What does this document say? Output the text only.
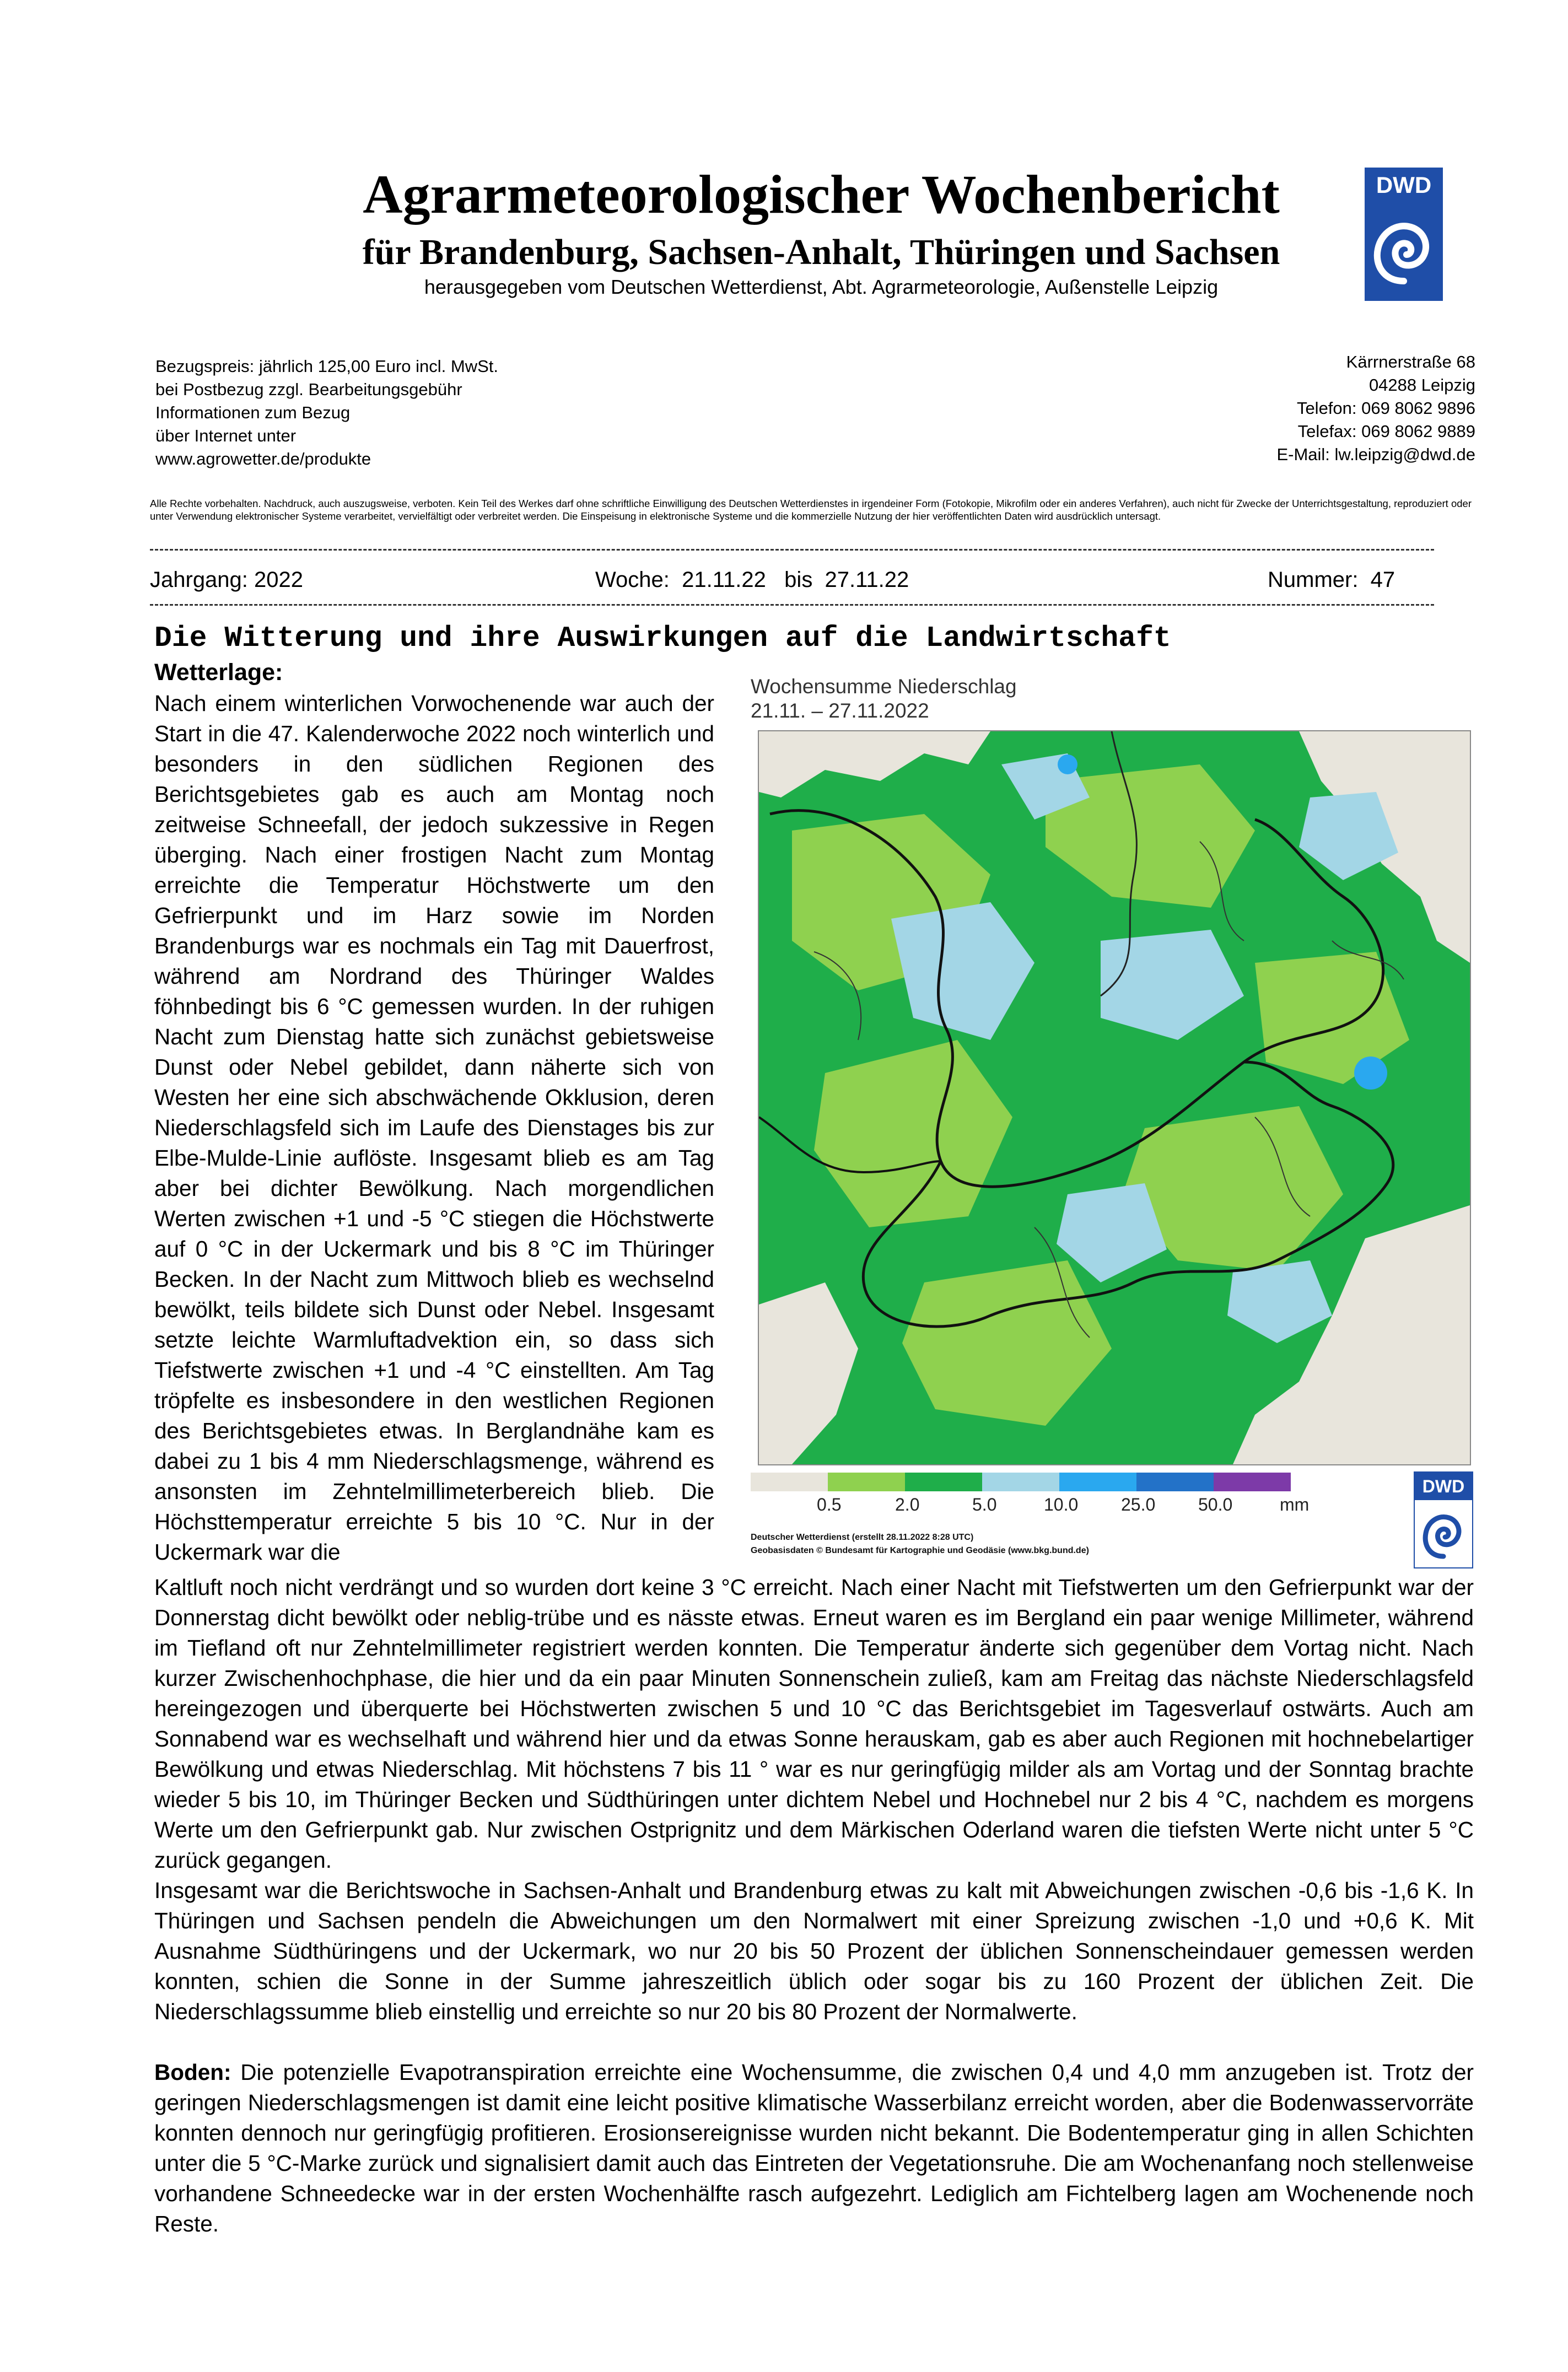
Agrarmeteorologischer Wochenbericht
für Brandenburg, Sachsen-Anhalt, Thüringen und Sachsen
herausgegeben vom Deutschen Wetterdienst, Abt. Agrarmeteorologie, Außenstelle Leipzig
DWD
Bezugspreis: jährlich 125,00 Euro incl. MwSt.
bei Postbezug zzgl. Bearbeitungsgebühr
Informationen zum Bezug
über Internet unter
www.agrowetter.de/produkte
Kärrnerstraße 68
04288 Leipzig
Telefon: 069 8062 9896
Telefax: 069 8062 9889
E-Mail: lw.leipzig@dwd.de
Alle Rechte vorbehalten. Nachdruck, auch auszugsweise, verboten. Kein Teil des Werkes darf ohne schriftliche Einwilligung des Deutschen Wetterdienstes in irgendeiner Form (Fotokopie, Mikrofilm oder ein anderes Verfahren), auch nicht für Zwecke der Unterrichtsgestaltung, reproduziert oder unter Verwendung elektronischer Systeme verarbeitet, vervielfältigt oder verbreitet werden. Die Einspeisung in elektronische Systeme und die kommerzielle Nutzung der hier veröffentlichten Daten wird ausdrücklich untersagt.
Jahrgang: 2022	Woche:  21.11.22   bis  27.11.22	Nummer:  47
Die Witterung und ihre Auswirkungen auf die Landwirtschaft
Wetterlage:
Nach einem winterlichen Vorwochenende war auch der Start in die 47. Kalenderwoche 2022 noch winterlich und besonders in den südlichen Regionen des Berichtsgebietes gab es auch am Montag noch zeitweise Schneefall, der jedoch sukzessive in Regen überging. Nach einer frostigen Nacht zum Montag erreichte die Temperatur Höchstwerte um den Gefrierpunkt und im Harz sowie im Norden Brandenburgs war es nochmals ein Tag mit Dauerfrost, während am Nordrand des Thüringer Waldes föhnbedingt bis 6 °C gemessen wurden. In der ruhigen Nacht zum Dienstag hatte sich zunächst gebietsweise Dunst oder Nebel gebildet, dann näherte sich von Westen her eine sich abschwächende Okklusion, deren Niederschlagsfeld sich im Laufe des Dienstages bis zur Elbe-Mulde-Linie auflöste. Insgesamt blieb es am Tag aber bei dichter Bewölkung. Nach morgendlichen Werten zwischen +1 und -5 °C stiegen die Höchstwerte auf 0 °C in der Uckermark und bis 8 °C im Thüringer Becken. In der Nacht zum Mittwoch blieb es wechselnd bewölkt, teils bildete sich Dunst oder Nebel. Insgesamt setzte leichte Warmluftadvektion ein, so dass sich Tiefstwerte zwischen +1 und -4 °C einstellten. Am Tag tröpfelte es insbesondere in den westlichen Regionen des Berichtsgebietes etwas. In Berglandnähe kam es dabei zu 1 bis 4 mm Niederschlagsmenge, während es ansonsten im Zehntelmillimeterbereich blieb. Die Höchsttemperatur erreichte 5 bis 10 °C. Nur in der Uckermark war die
Wochensumme Niederschlag
21.11. – 27.11.2022
0.5	2.0	5.0	10.0 25.0 50.0	mm
Deutscher Wetterdienst (erstellt 28.11.2022 8:28 UTC)
Geobasisdaten © Bundesamt für Kartographie und Geodäsie (www.bkg.bund.de)
DWD

Kaltluft noch nicht verdrängt und so wurden dort keine 3 °C erreicht. Nach einer Nacht mit Tiefstwerten um den Gefrierpunkt war der Donnerstag dicht bewölkt oder neblig-trübe und es nässte etwas. Erneut waren es im Bergland ein paar wenige Millimeter, während im Tiefland oft nur Zehntelmillimeter registriert werden konnten. Die Temperatur änderte sich gegenüber dem Vortag nicht. Nach kurzer Zwischenhochphase, die hier und da ein paar Minuten Sonnenschein zuließ, kam am Freitag das nächste Niederschlagsfeld hereingezogen und überquerte bei Höchstwerten zwischen 5 und 10 °C das Berichtsgebiet im Tagesverlauf ostwärts. Auch am Sonnabend war es wechselhaft und während hier und da etwas Sonne herauskam, gab es aber auch Regionen mit hochnebelartiger Bewölkung und etwas Niederschlag. Mit höchstens 7 bis 11 ° war es nur geringfügig milder als am Vortag und der Sonntag brachte wieder 5 bis 10, im Thüringer Becken und Südthüringen unter dichtem Nebel und Hochnebel nur 2 bis 4 °C, nachdem es morgens Werte um den Gefrierpunkt gab. Nur zwischen Ostprignitz und dem Märkischen Oderland waren die tiefsten Werte nicht unter 5 °C zurück gegangen.

Insgesamt war die Berichtswoche in Sachsen-Anhalt und Brandenburg etwas zu kalt mit Abweichungen zwischen -0,6 bis -1,6 K. In Thüringen und Sachsen pendeln die Abweichungen um den Normalwert mit einer Spreizung zwischen -1,0 und +0,6 K. Mit Ausnahme Südthüringens und der Uckermark, wo nur 20 bis 50 Prozent der üblichen Sonnenscheindauer gemessen werden konnten, schien die Sonne in der Summe jahreszeitlich üblich oder sogar bis zu 160 Prozent der üblichen Zeit. Die Niederschlagssumme blieb einstellig und erreichte so nur 20 bis 80 Prozent der Normalwerte.

Boden: Die potenzielle Evapotranspiration erreichte eine Wochensumme, die zwischen 0,4 und 4,0 mm anzugeben ist. Trotz der geringen Niederschlagsmengen ist damit eine leicht positive klimatische Wasserbilanz erreicht worden, aber die Bodenwasservorräte konnten dennoch nur geringfügig profitieren. Erosionsereignisse wurden nicht bekannt. Die Bodentemperatur ging in allen Schichten unter die 5 °C-Marke zurück und signalisiert damit auch das Eintreten der Vegetationsruhe. Die am Wochenanfang noch stellenweise vorhandene Schneedecke war in der ersten Wochenhälfte rasch aufgezehrt. Lediglich am Fichtelberg lagen am Wochenende noch Reste.
